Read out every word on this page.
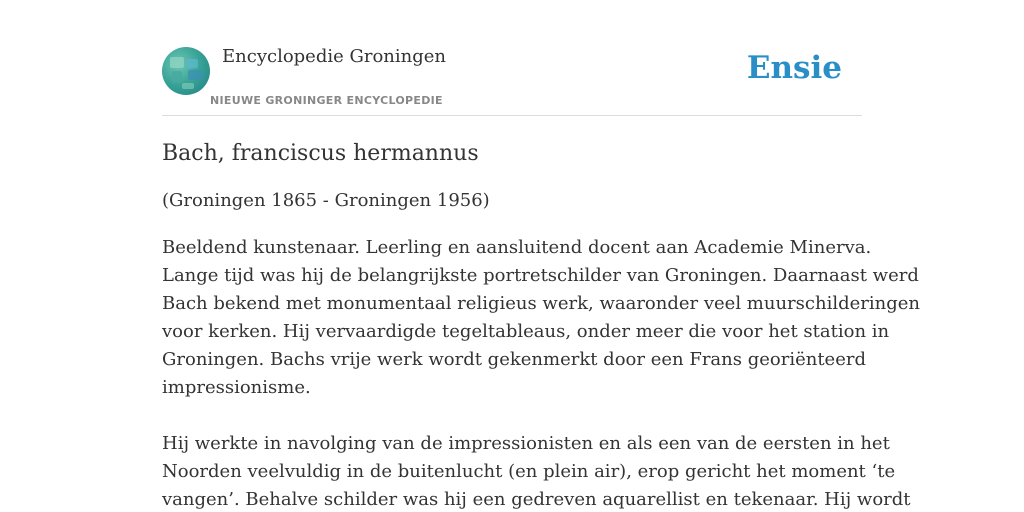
Encyclopedie Groningen
NIEUWE GRONINGER ENCYCLOPEDIE
Ensie
Bach, franciscus hermannus

(Groningen 1865 - Groningen 1956)

Beeldend kunstenaar. Leerling en aansluitend docent aan Academie Minerva.
Lange tijd was hij de belangrijkste portretschilder van Groningen. Daarnaast werd
Bach bekend met monumentaal religieus werk, waaronder veel muurschilderingen
voor kerken. Hij vervaardigde tegeltableaus, onder meer die voor het station in
Groningen. Bachs vrije werk wordt gekenmerkt door een Frans georiënteerd
impressionisme.

Hij werkte in navolging van de impressionisten en als een van de eersten in het
Noorden veelvuldig in de buitenlucht (en plein air), erop gericht het moment ‘te
vangen’. Behalve schilder was hij een gedreven aquarellist en tekenaar. Hij wordt
